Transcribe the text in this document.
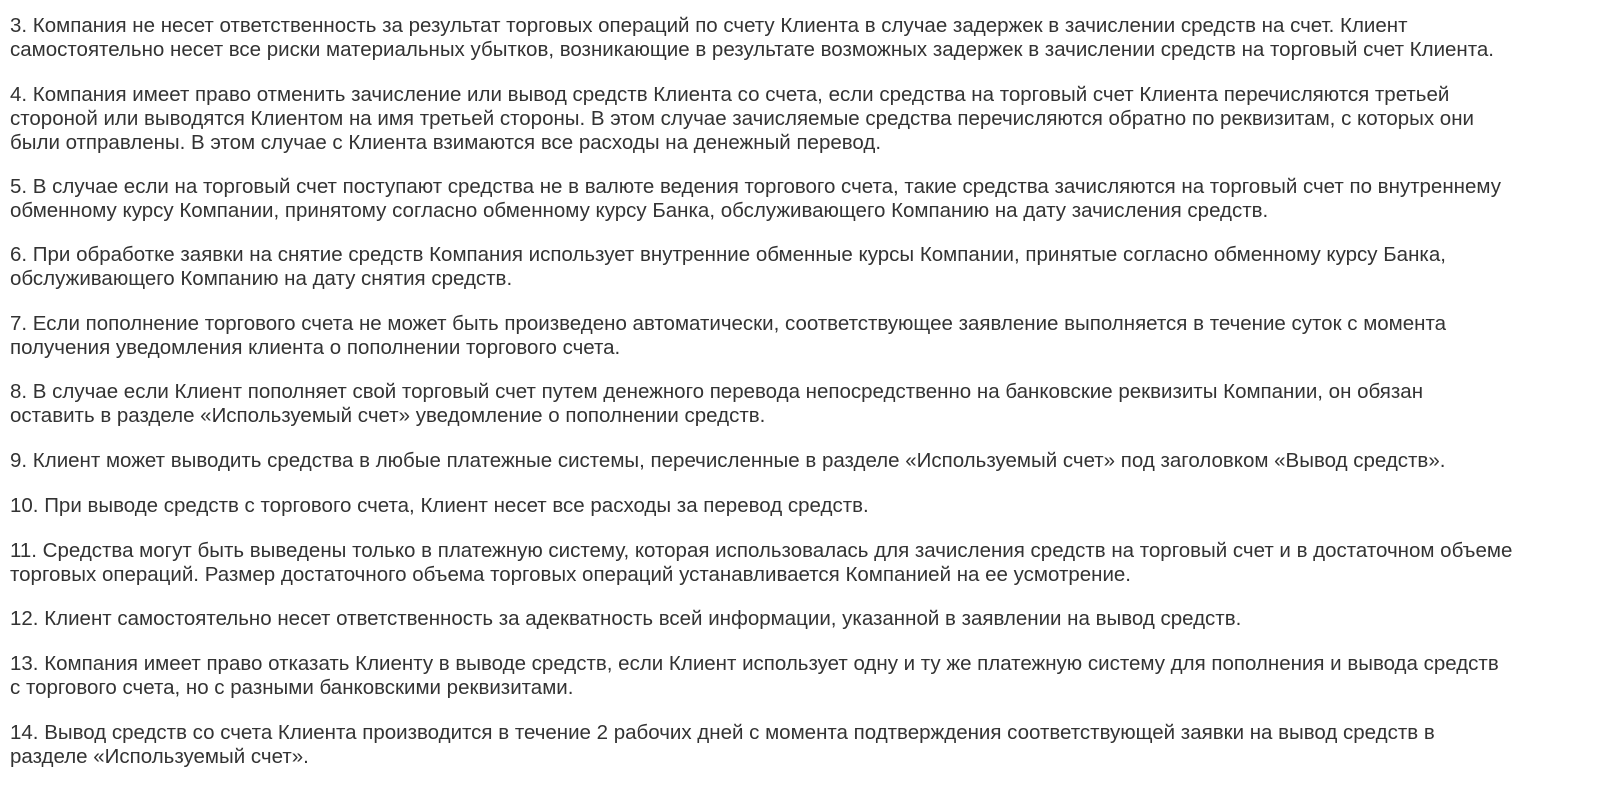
3. Компания не несет ответственность за результат торговых операций по счету Клиента в случае задержек в зачислении средств на счет. Клиент
самостоятельно несет все риски материальных убытков, возникающие в результате возможных задержек в зачислении средств на торговый счет Клиента.

4. Компания имеет право отменить зачисление или вывод средств Клиента со счета, если средства на торговый счет Клиента перечисляются третьей
стороной или выводятся Клиентом на имя третьей стороны. В этом случае зачисляемые средства перечисляются обратно по реквизитам, с которых они
были отправлены. В этом случае с Клиента взимаются все расходы на денежный перевод.

5. В случае если на торговый счет поступают средства не в валюте ведения торгового счета, такие средства зачисляются на торговый счет по внутреннему
обменному курсу Компании, принятому согласно обменному курсу Банка, обслуживающего Компанию на дату зачисления средств.

6. При обработке заявки на снятие средств Компания использует внутренние обменные курсы Компании, принятые согласно обменному курсу Банка,
обслуживающего Компанию на дату снятия средств.

7. Если пополнение торгового счета не может быть произведено автоматически, соответствующее заявление выполняется в течение суток с момента
получения уведомления клиента о пополнении торгового счета.

8. В случае если Клиент пополняет свой торговый счет путем денежного перевода непосредственно на банковские реквизиты Компании, он обязан
оставить в разделе «Используемый счет» уведомление о пополнении средств.

9. Клиент может выводить средства в любые платежные системы, перечисленные в разделе «Используемый счет» под заголовком «Вывод средств».

10. При выводе средств с торгового счета, Клиент несет все расходы за перевод средств.

11. Средства могут быть выведены только в платежную систему, которая использовалась для зачисления средств на торговый счет и в достаточном объеме
торговых операций. Размер достаточного объема торговых операций устанавливается Компанией на ее усмотрение.

12. Клиент самостоятельно несет ответственность за адекватность всей информации, указанной в заявлении на вывод средств.

13. Компания имеет право отказать Клиенту в выводе средств, если Клиент использует одну и ту же платежную систему для пополнения и вывода средств
с торгового счета, но с разными банковскими реквизитами.

14. Вывод средств со счета Клиента производится в течение 2 рабочих дней с момента подтверждения соответствующей заявки на вывод средств в
разделе «Используемый счет».
